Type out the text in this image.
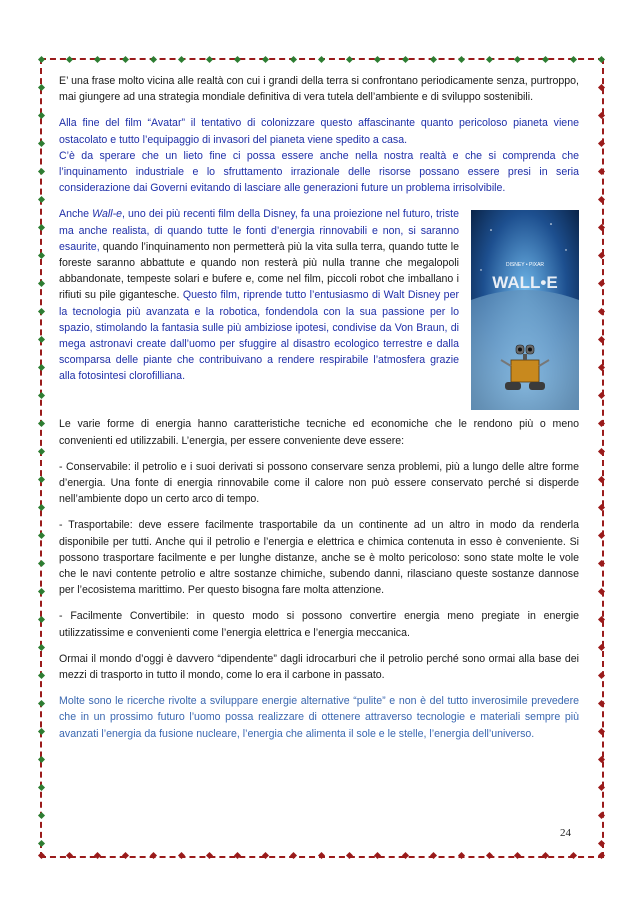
E’ una frase molto vicina alle realtà con cui i grandi della terra si confrontano periodicamente senza, purtroppo, mai giungere ad una strategia mondiale definitiva di vera tutela dell’ambiente e di sviluppo sostenibili.

Alla fine del film “Avatar” il tentativo di colonizzare questo affascinante quanto pericoloso pianeta viene ostacolato e tutto l’equipaggio di invasori del pianeta viene spedito a casa.

C’è da sperare che un lieto fine ci possa essere anche nella nostra realtà e che si comprenda che l’inquinamento industriale e lo sfruttamento irrazionale delle risorse possano essere presi in seria considerazione dai Governi evitando di lasciare alle generazioni future un problema irrisolvibile.

DISNEY • PIXAR
WALL•E

Anche Wall-e, uno dei più recenti film della Disney, fa una proiezione nel futuro, triste ma anche realista, di quando tutte le fonti d’energia rinnovabili e non, si saranno esaurite, quando l’inquinamento non permetterà più la vita sulla terra, quando tutte le foreste saranno abbattute e quando non resterà più nulla tranne che megalopoli abbandonate, tempeste solari e bufere e, come nel film, piccoli robot che imballano i rifiuti su pile gigantesche. Questo film, riprende tutto l’entusiasmo di Walt Disney per la tecnologia più avanzata e la robotica, fondendola con la sua passione per lo spazio, stimolando la fantasia sulle più ambiziose ipotesi, condivise da Von Braun, di mega astronavi create dall’uomo per sfuggire al disastro ecologico terrestre e dalla scomparsa delle piante che contribuivano a rendere respirabile l’atmosfera grazie alla fotosintesi clorofilliana.

Le varie forme di energia hanno caratteristiche tecniche ed economiche che le rendono più o meno convenienti ed utilizzabili. L’energia, per essere conveniente deve essere:

- Conservabile: il petrolio e i suoi derivati si possono conservare senza problemi, più a lungo delle altre forme d’energia. Una fonte di energia rinnovabile come il calore non può essere conservato perché si disperde nell’ambiente dopo un certo arco di tempo.

- Trasportabile: deve essere facilmente trasportabile da un continente ad un altro in modo da renderla disponibile per tutti. Anche qui il petrolio e l’energia e elettrica e chimica contenuta in esso è conveniente. Si possono trasportare facilmente e per lunghe distanze, anche se è molto pericoloso: sono state molte le vole che le navi contente petrolio e altre sostanze chimiche, subendo danni, rilasciano queste sostanze dannose per l’ecosistema marittimo. Per questo bisogna fare molta attenzione.

- Facilmente Convertibile: in questo modo si possono convertire energia meno pregiate in energie utilizzatissime e convenienti come l’energia elettrica e l’energia meccanica.

Ormai il mondo d’oggi è davvero “dipendente” dagli idrocarburi che il petrolio perché sono ormai alla base dei mezzi di trasporto in tutto il mondo, come lo era il carbone in passato.

Molte sono le ricerche rivolte a sviluppare energie alternative “pulite” e non è del tutto inverosimile prevedere che in un prossimo futuro l’uomo possa realizzare di ottenere attraverso tecnologie e materiali sempre più avanzati l’energia da fusione nucleare, l’energia che alimenta il sole e le stelle, l’energia dell’universo.

24
